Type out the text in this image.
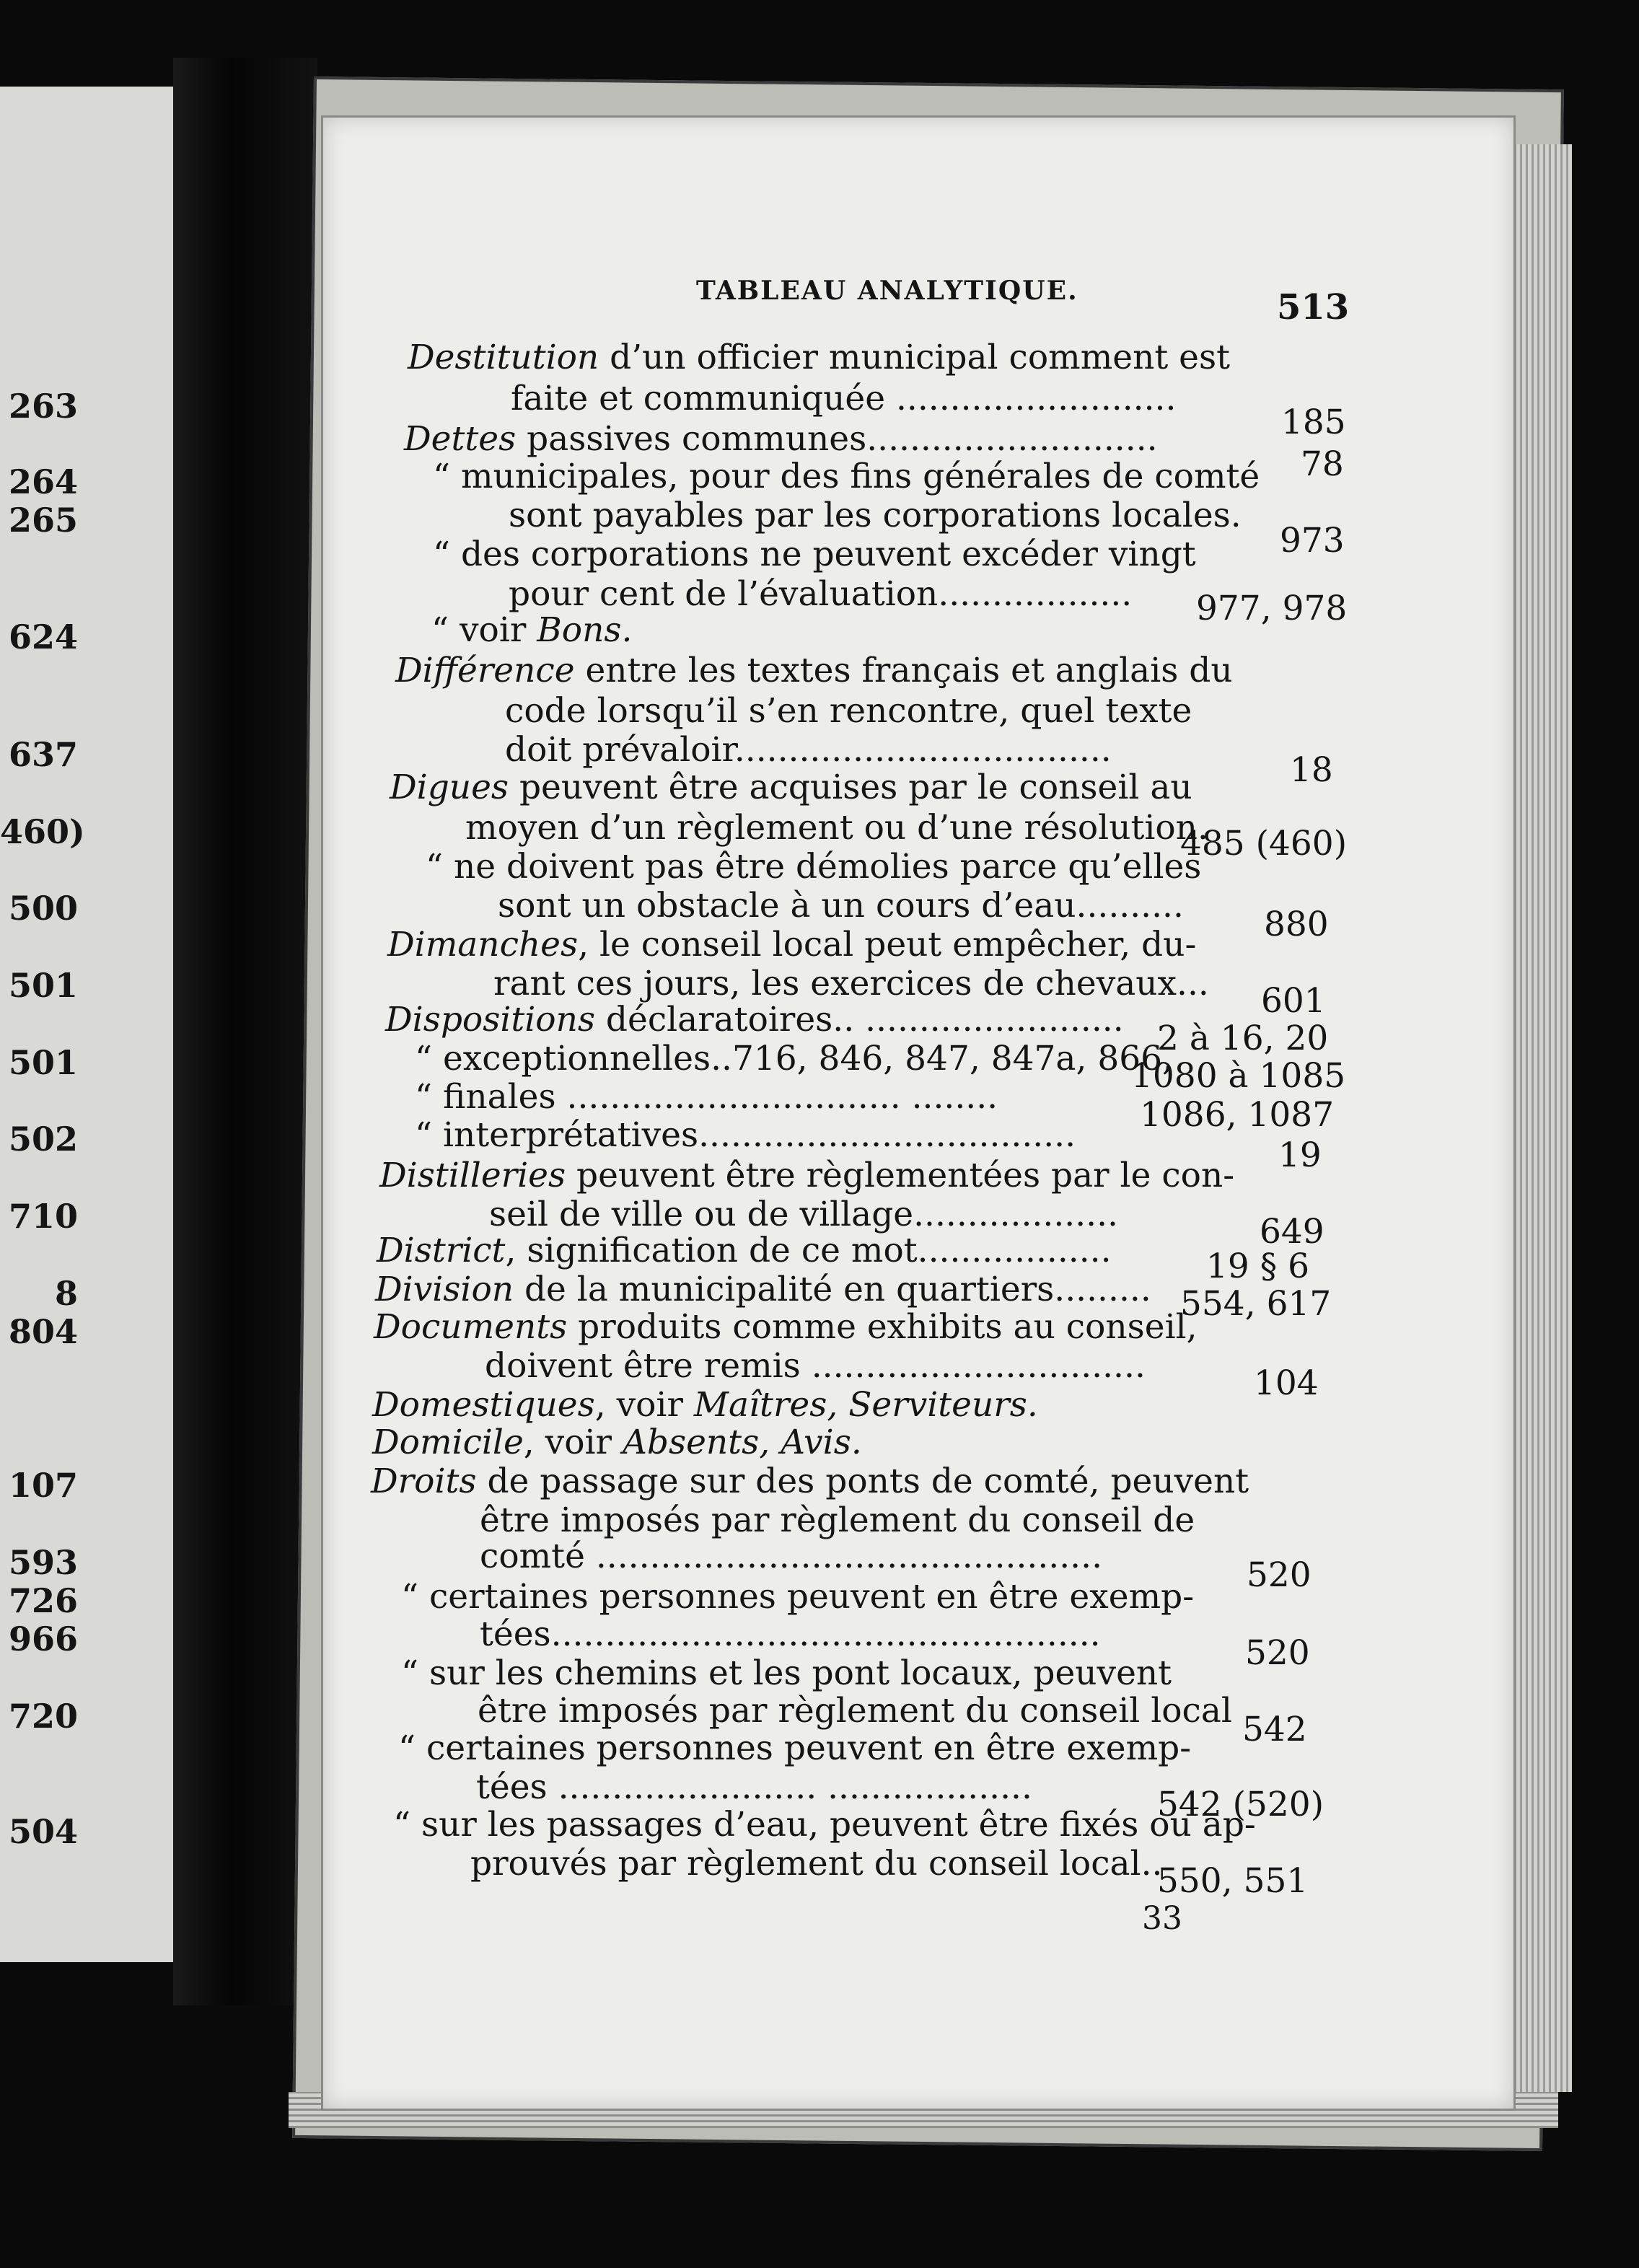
263
264
265
624
637
460)
500
501
501
502
710
8
804
107
593
726
966
720
504
TABLEAU ANALYTIQUE.	513
Destitution d’un officier municipal comment est
faite et communiquée ..........................
Dettes passives communes...........................
“ municipales, pour des fins générales de comté
sont payables par les corporations locales.
“ des corporations ne peuvent excéder vingt
pour cent de l’évaluation..................
“ voir Bons.
Différence entre les textes français et anglais du
code lorsqu’il s’en rencontre, quel texte
doit prévaloir...................................
Digues peuvent être acquises par le conseil au
moyen d’un règlement ou d’une résolution.
“ ne doivent pas être démolies parce qu’elles
sont un obstacle à un cours d’eau..........
Dimanches, le conseil local peut empêcher, du-
rant ces jours, les exercices de chevaux...
Dispositions déclaratoires.. ........................
“ exceptionnelles..716, 846, 847, 847a, 866,
“ finales ............................... ........
“ interprétatives...................................
Distilleries peuvent être règlementées par le con-
seil de ville ou de village...................
District, signification de ce mot..................
Division de la municipalité en quartiers.........
Documents produits comme exhibits au conseil,
doivent être remis ...............................
Domestiques, voir Maîtres, Serviteurs.
Domicile, voir Absents, Avis.
Droits de passage sur des ponts de comté, peuvent
être imposés par règlement du conseil de
comté ...............................................
“ certaines personnes peuvent en être exemp-
tées...................................................
“ sur les chemins et les pont locaux, peuvent
être imposés par règlement du conseil local
“ certaines personnes peuvent en être exemp-
tées ........................ ...................
“ sur les passages d’eau, peuvent être fixés ou ap-
prouvés par règlement du conseil local..
185
78
973
977, 978
18
485 (460)
880
601
2 à 16, 20
1080 à 1085
1086, 1087
19
649
19 § 6
554, 617
104
520
520
542
542 (520)
550, 551
33
